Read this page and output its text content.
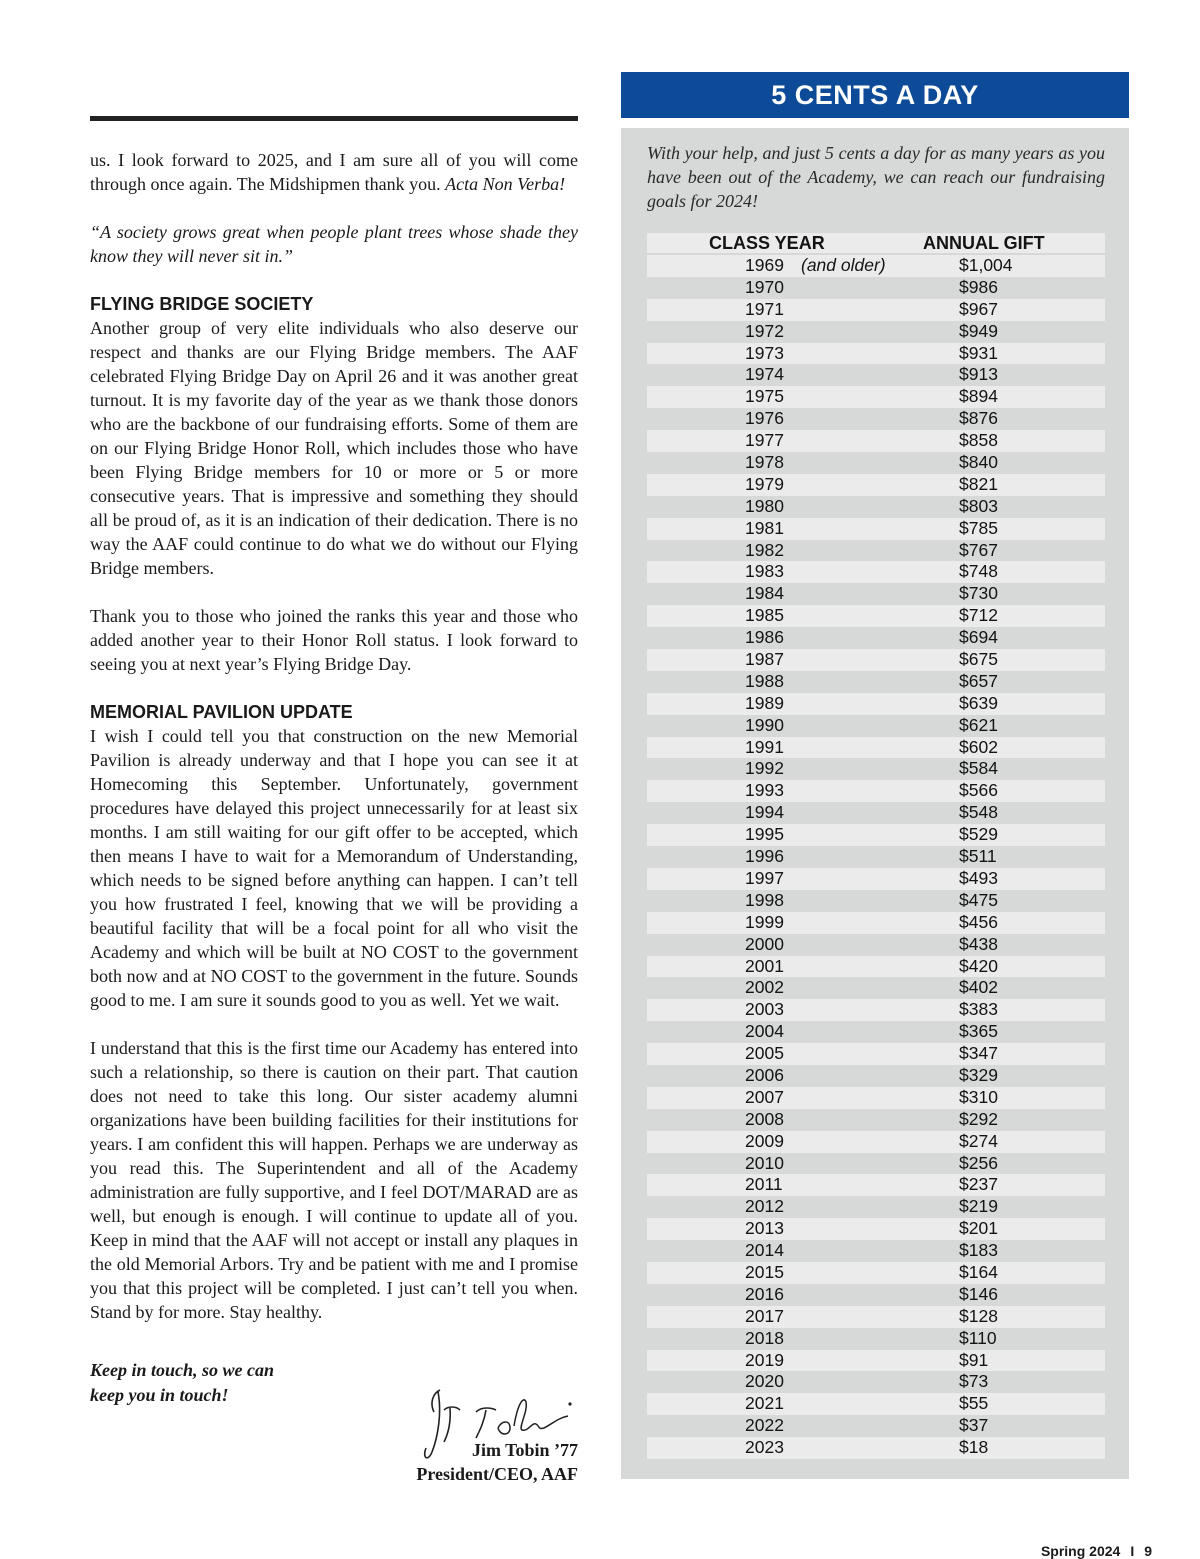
us. I look forward to 2025, and I am sure all of you will come through once again. The Midshipmen thank you. Acta Non Verba!

“A society grows great when people plant trees whose shade they know they will never sit in.”

FLYING BRIDGE SOCIETY

Another group of very elite individuals who also deserve our respect and thanks are our Flying Bridge members. The AAF celebrated Flying Bridge Day on April 26 and it was another great turnout. It is my favorite day of the year as we thank those donors who are the backbone of our fundraising efforts. Some of them are on our Flying Bridge Honor Roll, which includes those who have been Flying Bridge members for 10 or more or 5 or more consecutive years. That is impressive and something they should all be proud of, as it is an indication of their dedication. There is no way the AAF could continue to do what we do without our Flying Bridge members.

Thank you to those who joined the ranks this year and those who added another year to their Honor Roll status. I look forward to seeing you at next year’s Flying Bridge Day.

MEMORIAL PAVILION UPDATE

I wish I could tell you that construction on the new Memorial Pavilion is already underway and that I hope you can see it at Homecoming this September. Unfortunately, government procedures have delayed this project unnecessarily for at least six months. I am still waiting for our gift offer to be accepted, which then means I have to wait for a Memorandum of Understanding, which needs to be signed before anything can happen. I can’t tell you how frustrated I feel, knowing that we will be providing a beautiful facility that will be a focal point for all who visit the Academy and which will be built at NO COST to the government both now and at NO COST to the government in the future. Sounds good to me. I am sure it sounds good to you as well. Yet we wait.

I understand that this is the first time our Academy has entered into such a relationship, so there is caution on their part. That caution does not need to take this long. Our sister academy alumni organizations have been building facilities for their institutions for years. I am confident this will happen. Perhaps we are underway as you read this. The Superintendent and all of the Academy administration are fully supportive, and I feel DOT/MARAD are as well, but enough is enough. I will continue to update all of you. Keep in mind that the AAF will not accept or install any plaques in the old Memorial Arbors. Try and be patient with me and I promise you that this project will be completed. I just can’t tell you when. Stand by for more. Stay healthy.

Keep in touch, so we can
keep you in touch!
Jim Tobin ’77
President/CEO, AAF
5 CENTS A DAY
With your help, and just 5 cents a day for as many years as you have been out of the Academy, we can reach our fundraising goals for 2024!
CLASS YEAR	ANNUAL GIFT
1969 (and older)	$1,004
1970	$986
1971	$967
1972	$949
1973	$931
1974	$913
1975	$894
1976	$876
1977	$858
1978	$840
1979	$821
1980	$803
1981	$785
1982	$767
1983	$748
1984	$730
1985	$712
1986	$694
1987	$675
1988	$657
1989	$639
1990	$621
1991	$602
1992	$584
1993	$566
1994	$548
1995	$529
1996	$511
1997	$493
1998	$475
1999	$456
2000	$438
2001	$420
2002	$402
2003	$383
2004	$365
2005	$347
2006	$329
2007	$310
2008	$292
2009	$274
2010	$256
2011	$237
2012	$219
2013	$201
2014	$183
2015	$164
2016	$146
2017	$128
2018	$110
2019	$91
2020	$73
2021	$55
2022	$37
2023	$18
Spring 2024 I 9
